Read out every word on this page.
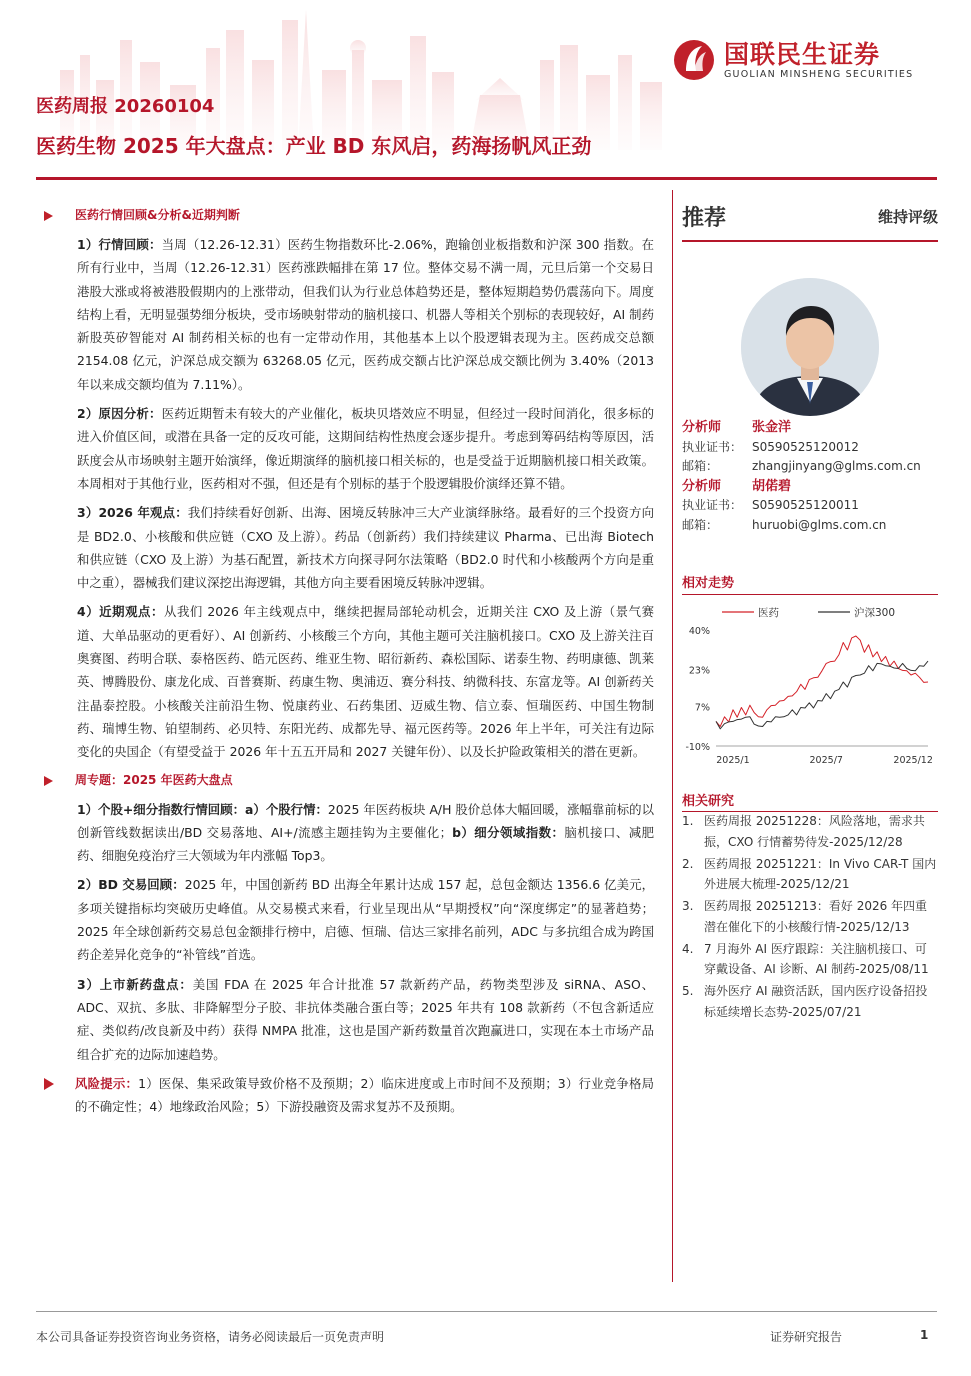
国联民生证券
GUOLIAN MINSHENG SECURITIES
医药周报 20260104
医药生物 2025 年大盘点：产业 BD 东风启，药海扬帆风正劲
医药行情回顾&分析&近期判断
1）行情回顾：当周（12.26-12.31）医药生物指数环比-2.06%，跑输创业板指数和沪深 300 指数。在所有行业中，当周（12.26-12.31）医药涨跌幅排在第 17 位。整体交易不满一周，元旦后第一个交易日港股大涨或将被港股假期内的上涨带动，但我们认为行业总体趋势还是，整体短期趋势仍震荡向下。周度结构上看，无明显强势细分板块，受市场映射带动的脑机接口、机器人等相关个别标的表现较好，AI 制药新股英矽智能对 AI 制药相关标的也有一定带动作用，其他基本上以个股逻辑表现为主。医药成交总额 2154.08 亿元，沪深总成交额为 63268.05 亿元，医药成交额占比沪深总成交额比例为 3.40%（2013 年以来成交额均值为 7.11%）。
2）原因分析：医药近期暂未有较大的产业催化，板块贝塔效应不明显，但经过一段时间消化，很多标的进入价值区间，或潜在具备一定的反攻可能，这期间结构性热度会逐步提升。考虑到筹码结构等原因，活跃度会从市场映射主题开始演绎，像近期演绎的脑机接口相关标的，也是受益于近期脑机接口相关政策。本周相对于其他行业，医药相对不强，但还是有个别标的基于个股逻辑股价演绎还算不错。
3）2026 年观点：我们持续看好创新、出海、困境反转脉冲三大产业演绎脉络。最看好的三个投资方向是 BD2.0、小核酸和供应链（CXO 及上游）。药品（创新药）我们持续建议 Pharma、已出海 Biotech 和供应链（CXO 及上游）为基石配置，新技术方向探寻阿尔法策略（BD2.0 时代和小核酸两个方向是重中之重），器械我们建议深挖出海逻辑，其他方向主要看困境反转脉冲逻辑。
4）近期观点：从我们 2026 年主线观点中，继续把握局部轮动机会，近期关注 CXO 及上游（景气赛道、大单品驱动的更看好）、AI 创新药、小核酸三个方向，其他主题可关注脑机接口。CXO 及上游关注百奥赛图、药明合联、泰格医药、皓元医药、维亚生物、昭衍新药、森松国际、诺泰生物、药明康德、凯莱英、博腾股份、康龙化成、百普赛斯、药康生物、奥浦迈、赛分科技、纳微科技、东富龙等。AI 创新药关注晶泰控股。小核酸关注前沿生物、悦康药业、石药集团、迈威生物、信立泰、恒瑞医药、中国生物制药、瑞博生物、铂望制药、必贝特、东阳光药、成都先导、福元医药等。2026 年上半年，可关注有边际变化的央国企（有望受益于 2026 年十五五开局和 2027 关键年份）、以及长护险政策相关的潜在更新。
周专题：2025 年医药大盘点
1）个股+细分指数行情回顾：a）个股行情：2025 年医药板块 A/H 股价总体大幅回暖，涨幅靠前标的以创新管线数据读出/BD 交易落地、AI+/流感主题挂钩为主要催化；b）细分领域指数：脑机接口、减肥药、细胞免疫治疗三大领域为年内涨幅 Top3。
2）BD 交易回顾：2025 年，中国创新药 BD 出海全年累计达成 157 起，总包金额达 1356.6 亿美元，多项关键指标均突破历史峰值。从交易模式来看，行业呈现出从“早期授权”向“深度绑定”的显著趋势；2025 年全球创新药交易总包金额排行榜中，启德、恒瑞、信达三家排名前列，ADC 与多抗组合成为跨国药企差异化竞争的“补管线”首选。
3）上市新药盘点：美国 FDA 在 2025 年合计批准 57 款新药产品，药物类型涉及 siRNA、ASO、ADC、双抗、多肽、非降解型分子胶、非抗体类融合蛋白等；2025 年共有 108 款新药（不包含新适应症、类似药/改良新及中药）获得 NMPA 批准，这也是国产新药数量首次跑赢进口，实现在本土市场产品组合扩充的边际加速趋势。
风险提示：1）医保、集采政策导致价格不及预期；2）临床进度或上市时间不及预期；3）行业竞争格局的不确定性；4）地缘政治风险；5）下游投融资及需求复苏不及预期。
推荐	维持评级
分析师	张金洋
执业证书： S0590525120012
邮箱：	zhangjinyang@glms.com.cn
分析师	胡偌碧
执业证书： S0590525120011
邮箱：	huruobi@glms.com.cn
相对走势
医药	沪深300
40%
23%
7%
-10%
2025/1	2025/7	2025/12
相关研究
1. 医药周报 20251228：风险落地，需求共振，CXO 行情蓄势待发-2025/12/28
2. 医药周报 20251221：In Vivo CAR-T 国内外进展大梳理-2025/12/21
3. 医药周报 20251213：看好 2026 年四重潜在催化下的小核酸行情-2025/12/13
4. 7 月海外 AI 医疗跟踪：关注脑机接口、可穿戴设备、AI 诊断、AI 制药-2025/08/11
5. 海外医疗 AI 融资活跃，国内医疗设备招投标延续增长态势-2025/07/21
本公司具备证券投资咨询业务资格，请务必阅读最后一页免责声明	证券研究报告	1
